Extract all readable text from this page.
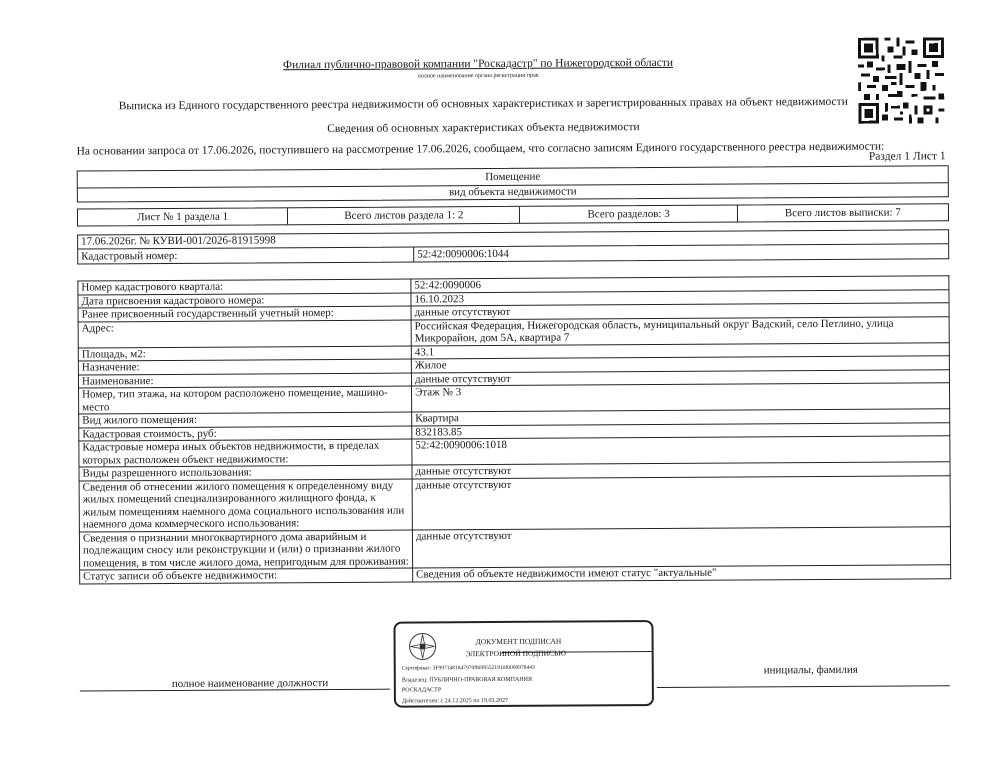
Филиал публично-правовой компании "Роскадастр" по Нижегородской области
полное наименование органа регистрации прав
Выписка из Единого государственного реестра недвижимости об основных характеристиках и зарегистрированных правах на объект недвижимости
Сведения об основных характеристиках объекта недвижимости
На основании запроса от 17.06.2026, поступившего на рассмотрение 17.06.2026, сообщаем, что согласно записям Единого государственного реестра недвижимости:
Раздел 1 Лист 1
Помещение
вид объекта недвижимости
Лист № 1 раздела 1	Всего листов раздела 1: 2	Всего разделов: 3	Всего листов выписки: 7
17.06.2026г. № КУВИ-001/2026-81915998
Кадастровый номер:	52:42:0090006:1044
Номер кадастрового квартала:	52:42:0090006
Дата присвоения кадастрового номера:	16.10.2023
Ранее присвоенный государственный учетный номер:	данные отсутствуют
Адрес:	Российская Федерация, Нижегородская область, муниципальный округ Вадский, село Петлино, улица Микрорайон, дом 5А, квартира 7
Площадь, м2:	43.1
Назначение:	Жилое
Наименование:	данные отсутствуют
Номер, тип этажа, на котором расположено помещение, машино-место	Этаж № 3
Вид жилого помещения:	Квартира
Кадастровая стоимость, руб:	832183.85
Кадастровые номера иных объектов недвижимости, в пределах которых расположен объект недвижимости:	52:42:0090006:1018
Виды разрешенного использования:	данные отсутствуют
Сведения об отнесении жилого помещения к определенному виду жилых помещений специализированного жилищного фонда, к жилым помещениям наемного дома социального использования или наемного дома коммерческого использования:	данные отсутствуют
Сведения о признании многоквартирного дома аварийным и подлежащим сносу или реконструкции и (или) о признании жилого помещения, в том числе жилого дома, непригодным для проживания:	данные отсутствуют
Статус записи об объекте недвижимости:	Сведения об объекте недвижимости имеют статус "актуальные"
полное наименование должности
инициалы, фамилия
ДОКУМЕНТ ПОДПИСАН
ЭЛЕКТРОННОЙ ПОДПИСЬЮ
Сертификат: 3F9971481847970f80f85521910f0000978443
Владелец: ПУБЛИЧНО-ПРАВОВАЯ КОМПАНИЯ
РОСКАДАСТР
Действителен: с 24.12.2025 по 19.03.2027
